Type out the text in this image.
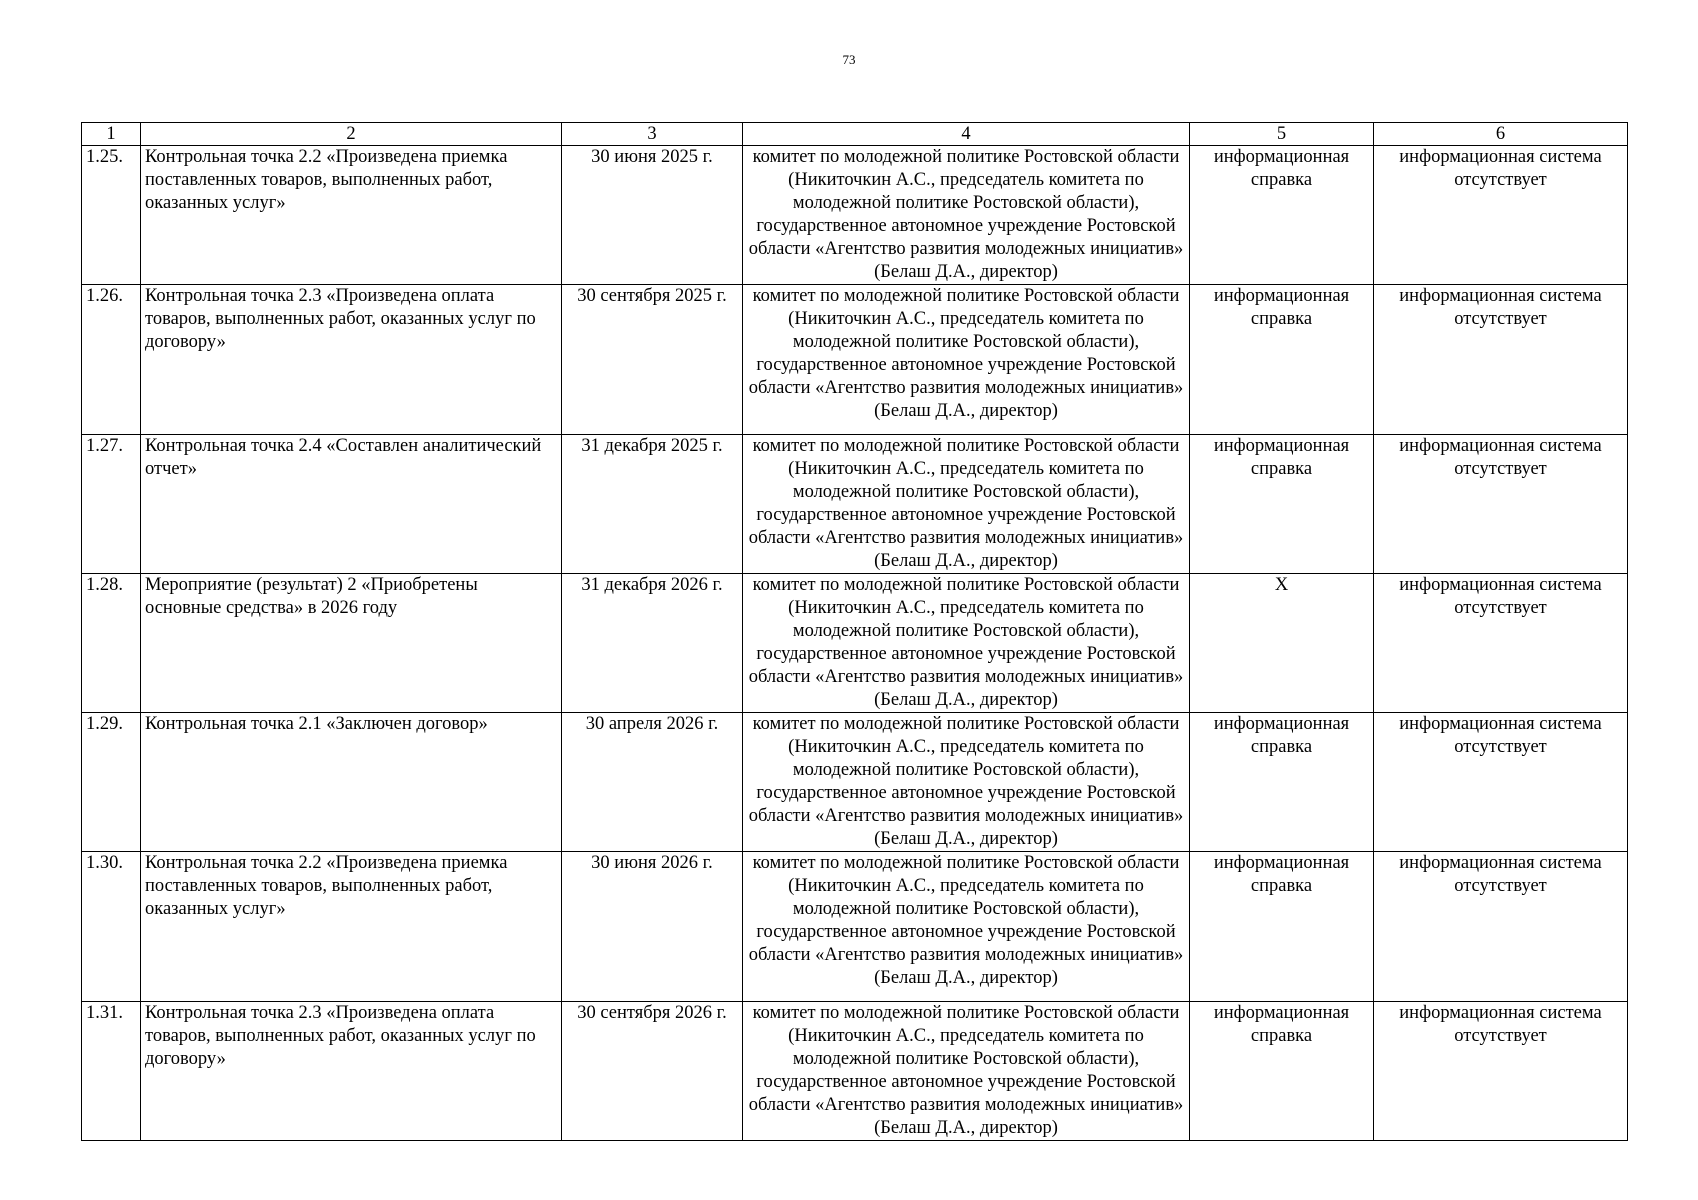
73
1	2	3	4	5	6
1.25.	Контрольная точка 2.2 «Произведена приемка поставленных товаров, выполненных работ, оказанных услуг»	30 июня 2025 г.	комитет по молодежной политике Ростовской области (Никиточкин А.С., председатель комитета по молодежной политике Ростовской области), государственное автономное учреждение Ростовской области «Агентство развития молодежных инициатив» (Белаш Д.А., директор)	информационная справка	информационная система отсутствует
1.26.	Контрольная точка 2.3 «Произведена оплата товаров, выполненных работ, оказанных услуг по договору»	30 сентября 2025 г.	комитет по молодежной политике Ростовской области (Никиточкин А.С., председатель комитета по молодежной политике Ростовской области), государственное автономное учреждение Ростовской области «Агентство развития молодежных инициатив» (Белаш Д.А., директор)	информационная справка	информационная система отсутствует
1.27.	Контрольная точка 2.4 «Составлен аналитический отчет»	31 декабря 2025 г.	комитет по молодежной политике Ростовской области (Никиточкин А.С., председатель комитета по молодежной политике Ростовской области), государственное автономное учреждение Ростовской области «Агентство развития молодежных инициатив» (Белаш Д.А., директор)	информационная справка	информационная система отсутствует
1.28.	Мероприятие (результат) 2 «Приобретены основные средства» в 2026 году	31 декабря 2026 г.	комитет по молодежной политике Ростовской области (Никиточкин А.С., председатель комитета по молодежной политике Ростовской области), государственное автономное учреждение Ростовской области «Агентство развития молодежных инициатив» (Белаш Д.А., директор)	Х	информационная система отсутствует
1.29.	Контрольная точка 2.1 «Заключен договор»	30 апреля 2026 г.	комитет по молодежной политике Ростовской области (Никиточкин А.С., председатель комитета по молодежной политике Ростовской области), государственное автономное учреждение Ростовской области «Агентство развития молодежных инициатив» (Белаш Д.А., директор)	информационная справка	информационная система отсутствует
1.30.	Контрольная точка 2.2 «Произведена приемка поставленных товаров, выполненных работ, оказанных услуг»	30 июня 2026 г.	комитет по молодежной политике Ростовской области (Никиточкин А.С., председатель комитета по молодежной политике Ростовской области), государственное автономное учреждение Ростовской области «Агентство развития молодежных инициатив» (Белаш Д.А., директор)	информационная справка	информационная система отсутствует
1.31.	Контрольная точка 2.3 «Произведена оплата товаров, выполненных работ, оказанных услуг по договору»	30 сентября 2026 г.	комитет по молодежной политике Ростовской области (Никиточкин А.С., председатель комитета по молодежной политике Ростовской области), государственное автономное учреждение Ростовской области «Агентство развития молодежных инициатив» (Белаш Д.А., директор)	информационная справка	информационная система отсутствует
